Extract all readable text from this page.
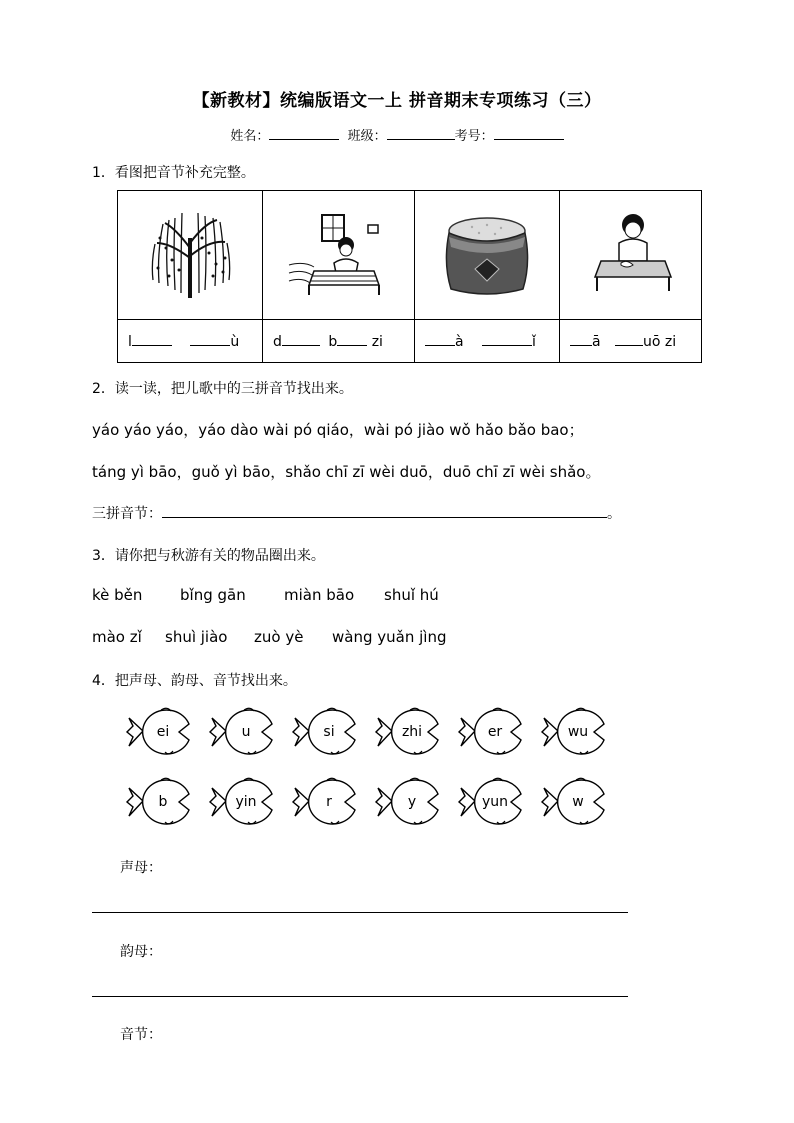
【新教材】统编版语文一上 拼音期末专项练习（三）
姓名：	班级：	考号：
1．看图把音节补充完整。

l ù	d b zi	à ǐ	ā uō zi
2．读一读，把儿歌中的三拼音节找出来。
yáo yáo yáo，yáo dào wài pó qiáo，wài pó jiào wǒ hǎo bǎo bao；
táng yì bāo，guǒ yì bāo，shǎo chī zī wèi duō，duō chī zī wèi shǎo。
三拼音节：	。
3．请你把与秋游有关的物品圈出来。
kè běn	bǐng gān	miàn bāo shuǐ hú
mào zǐ shuì jiào zuò yè wàng yuǎn jìng
4．把声母、韵母、音节找出来。
ei	u	si	zhi	er	wu
b	yin	r	y	yun	w
声母：
韵母：
音节：
